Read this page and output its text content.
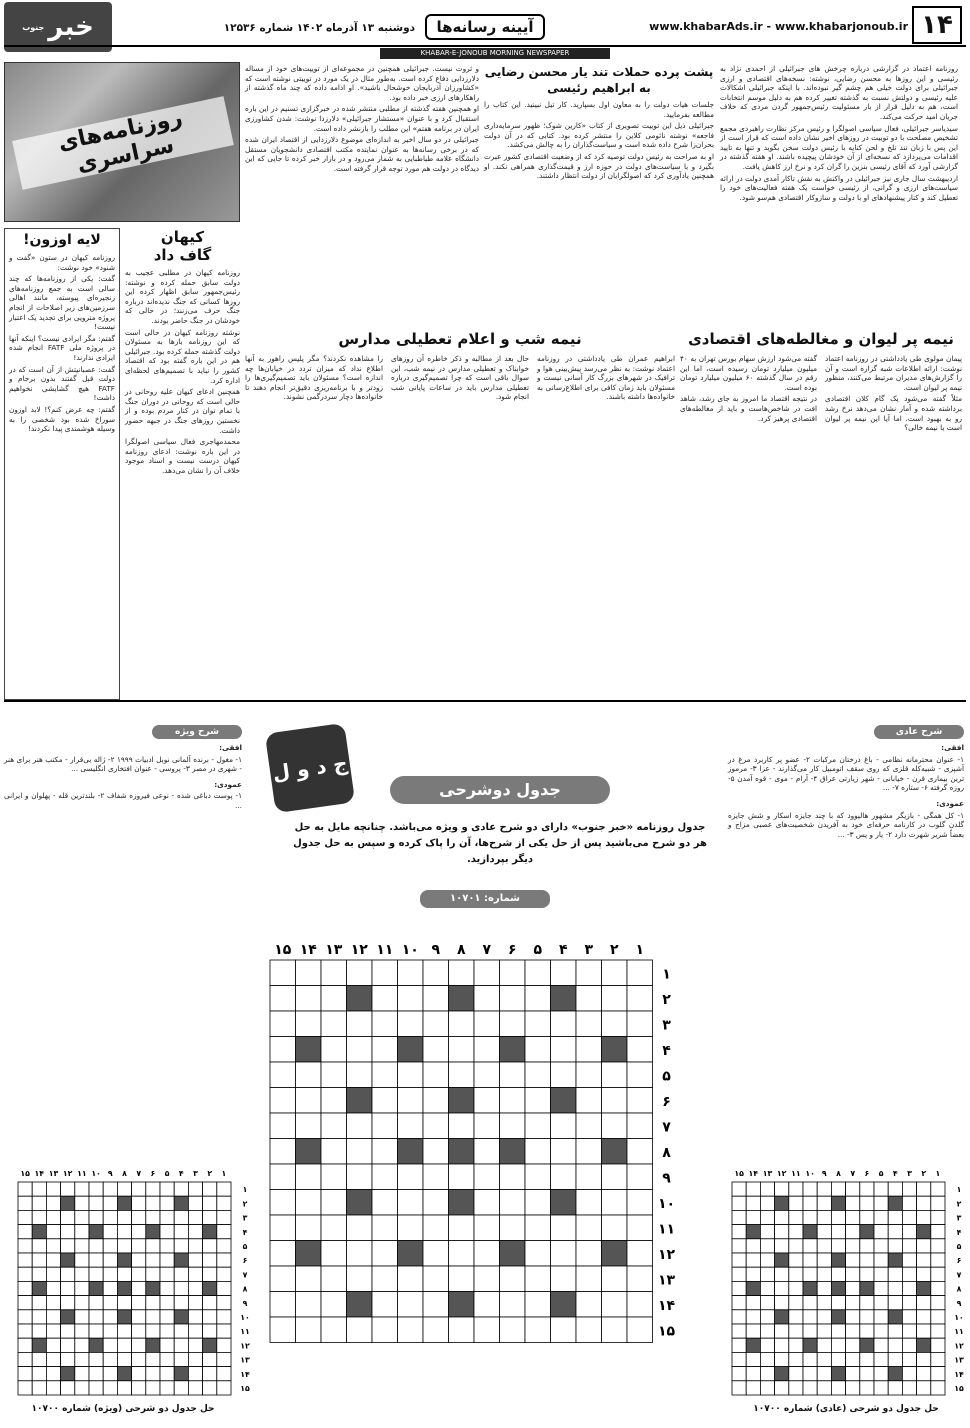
۱۴
www.khabarAds.ir - www.khabarjonoub.ir
آیینه رسانه‌ها
دوشنبه ۱۳ آذرماه ۱۴۰۲ شماره ۱۲۵۳۶
خبر
جنوب
KHABAR-E-JONOUB MORNING NEWSPAPER

روزنامه اعتماد در گزارشی درباره چرخش های جبرائیلی از احمدی نژاد به رئیسی و این روزها به محسن رضایی، نوشته: نسخه‌های اقتصادی و ارزی جبرائیلی برای دولت خیلی هم چشم گیر نبوده‌اند. با اینکه جبرائیلی اشکالات علیه رئیسی و دولتش نسبت به گذشته تغییر کرده هم به دلیل موسم انتخابات است، هم به دلیل قرار از بار مسئولیت رئیس‌جمهور گردن مردی که خلاف جریان امید حرکت می‌کند.

سیدیاسر جبرائیلی، فعال سیاسی اصولگرا و رئیس مرکز نظارت راهبردی مجمع تشخیص مصلحت با دو توییت در روزهای اخیر نشان داده است که قرار است از این پس با زبان تند تلخ و لحن کنایه با رئیس دولت سخن بگوید و تنها به تایید اقدامات می‌پردازد که نسخه‌ای از آن خودشان پیچیده باشند. او هفته گذشته در گزارشی آورد که آقای رئیسی بنزین را گران کرد و نرخ ارز کاهش یافت.

اردیبهشت سال جاری نیز جبرائیلی در واکنش به نقش تاکار آمدی دولت در ارائه سیاست‌های ارزی و گرانی، از رئیسی خواست یک هفته فعالیت‌های خود را تعطیل کند و کنار پیشنهادهای او با دولت و سازوکار اقتصادی هم‌سو شود.

پشت پرده حملات تند یار محسن رضایی
به ابراهیم رئیسی

جلسات هیات دولت را به معاون اول بسپارید. کار تیل نبینید. این کتاب را مطالعه بفرمایید.

جبرائیلی ذیل این توییت تصویری از کتاب «کارین شوک؛ ظهور سرمایه‌داری فاجعه» نوشته نائومی کلاین را منتشر کرده بود. کتابی که در آن دولت بحران‌زا شرح داده شده است و سیاست‌گذاران را به چالش می‌کشد.

او به صراحت به رئیس دولت توصیه کرد که از وضعیت اقتصادی کشور عبرت بگیرد و با سیاست‌های دولت در حوزه ارز و قیمت‌گذاری همراهی نکند. او همچنین یادآوری کرد که اصولگرایان از دولت انتظار داشتند.

و ثروت نیست. جبرائیلی همچنین در مجموعه‌ای از توییت‌های خود از مساله دلارزدایی دفاع کرده است. به‌طور مثال در یک مورد در توییتی نوشته است که «کشاورزان آذربایجان خوشحال باشید». او ادامه داده که چند ماه گذشته از راهکارهای ارزی خبر داده بود.

او همچنین هفته گذشته از مطلبی منتشر شده در خبرگزاری تسنیم در این باره استقبال کرد و با عنوان «مستشار جبرائیلی» دلارزدا نوشت: شدن کشاورزی ایران در برنامه هفتم» این مطلب را بازنشر داده است.

جبرائیلی در دو سال اخیر به اندازه‌ای موضوع دلارزدایی از اقتصاد ایران شده که در برخی رسانه‌ها به عنوان نماینده مکتب اقتصادی دانشجویان مستقل دانشگاه علامه طباطبایی به شمار می‌رود و در بازار خبر کرده تا جایی که این دیدگاه در دولت هم مورد توجه قرار گرفته است.

روزنامه‌های سراسری
کیهان
گاف داد

روزنامه کیهان در مطلبی عجیب به دولت سابق حمله کرده و نوشته: رئیس‌جمهور سابق اظهار کرده این روزها کسانی که جنگ ندیده‌اند درباره جنگ حرف می‌زنند؛ در حالی که خودشان در جنگ حاضر بودند.

نوشته روزنامه کیهان در حالی است که این روزنامه بارها به مسئولان دولت گذشته حمله کرده بود. جبرائیلی هم در این باره گفته بود که اقتصاد کشور را نباید با تصمیم‌های لحظه‌ای اداره کرد.

همچنین ادعای کیهان علیه روحانی در حالی است که روحانی در دوران جنگ با تمام توان در کنار مردم بوده و از نخستین روزهای جنگ در جبهه حضور داشت.

محمدمهاجری فعال سیاسی اصولگرا در این باره نوشت: ادعای روزنامه کیهان درست نیست و اسناد موجود خلاف آن را نشان می‌دهد.

لایه اوزون!

روزنامه کیهان در ستون «گفت و شنود» خود نوشت:

گفت: یکی از روزنامه‌ها که چند سالی است به جمع روزنامه‌های زنجیره‌ای پیوسته، مانند اهالی سرزمین‌های زیر اصلاحات از انجام پروژه مترویی برای تجدید یک اعتبار نیست!

گفتم: مگر ایرادی نیست؟ اینکه آنها در پروژه ملی FATF انجام شده ایرادی ندارند!

گفت: عصبانیتش از آن است که در دولت قبل گفتند بدون برجام و FATF هیچ گشایشی نخواهیم داشت!

گفتم: چه عرض کنم؟! لابد اوزون سوراخ شده بود شخصی را به وسیله هوشمندی پیدا نکردند!

نیمه پر لیوان و مغالطه‌های اقتصادی

پیمان مولوی طی یادداشتی در روزنامه اعتماد نوشت: ارائه اطلاعات شبه گزاره است و آن را گزارش‌های مدیران مرتبط می‌کنند، منظور نیمه پر لیوان است.

مثلاً گفته می‌شود یک گام کلان اقتصادی برداشته شده و آمار نشان می‌دهد نرخ رشد رو به بهبود است. اما آیا این نیمه پر لیوان است یا نیمه خالی؟

گفته می‌شود ارزش سهام بورس تهران به ۴۰ میلیون میلیارد تومان رسیده است، اما این رقم در سال گذشته ۶۰ میلیون میلیارد تومان بوده است.

در نتیجه اقتصاد ما امروز به جای رشد، شاهد افت در شاخص‌هاست و باید از مغالطه‌های اقتصادی پرهیز کرد.

نیمه شب و اعلام تعطیلی مدارس

ابراهیم عمران طی یادداشتی در روزنامه اعتماد نوشت: به نظر می‌رسد پیش‌بینی هوا و ترافیک در شهرهای بزرگ کار آسانی نیست و مسئولان باید زمان کافی برای اطلاع‌رسانی به خانواده‌ها داشته باشند.

حال بعد از مطالبه و ذکر خاطره آن روزهای خوابناک و تعطیلی مدارس در نیمه شب، این سوال باقی است که چرا تصمیم‌گیری درباره تعطیلی مدارس باید در ساعات پایانی شب انجام شود.

را مشاهده نکردند؟ مگر پلیس راهور به آنها اطلاع نداد که میزان تردد در خیابان‌ها چه اندازه است؟ مسئولان باید تصمیم‌گیری‌ها را زودتر و با برنامه‌ریزی دقیق‌تر انجام دهند تا خانواده‌ها دچار سردرگمی نشوند.

شرح عادی

افقی:

۱- عنوان محترمانه نظامی - باغ درختان مرکبات ۲- عضو پر کاربرد مرغ در آشپزی - شبیه‌کله قلزی که روی سقف اتومبیل کار می‌گذارند - عزا ۳- مرموز ترین بیماری قرن - خیابانی - شهر زیارتی عراق ۴- آرام - موی - قوه آمدن ۵- روزه گرفته ۶- ستاره ۷- ...

عمودی:

۱- کل همگی - بازیگر مشهور هالیوود که با چند جایزه اسکار و شش جایزه گلدن گلوب در کارنامه حرفه‌ای خود به آفریدن شخصیت‌های عصبی مزاج و بعضاً شریر شهرت دارد ۲- یار و پس ۳- ...

شرح ویژه

افقی:

۱- مغول - برنده آلمانی نوبل ادبیات ۱۹۹۹ ۲- ژاله بی‌قرار - مکتب هنر برای هنر - شهری در مصر ۳- پروسی - عنوان افتخاری انگلیسی ...

عمودی:

۱- پوست دباغی شده - نوعی فیروزه شفاف ۲- بلندترین قله - پهلوان و ایرانی ...

ج د و ل
جدول دوشرحی
جدول روزنامه «خبر جنوب» دارای دو شرح عادی و ویژه می‌باشد. چنانچه مایل به حل هر دو شرح می‌باشید پس از حل یکی از شرح‌ها، آن را پاک کرده و سپس به حل جدول دیگر بپردازید.
شماره: ۱۰۷۰۱
۱
۲
۳
۴
۵
۶
۷
۸
۹
۱۰
۱۱
۱۲
۱۳
۱۴
۱۵
۱
۲
۳
۴
۵
۶
۷
۸
۹
۱۰
۱۱
۱۲
۱۳
۱۴
۱۵
۱
۲
۳
۴
۵
۶
۷
۸
۹
۱۰
۱۱
۱۲
۱۳
۱۴
۱۵
۱
۲
۳
۴
۵
۶
۷
۸
۹
۱۰
۱۱
۱۲
۱۳
۱۴
۱۵
۱
۲
۳
۴
۵
۶
۷
۸
۹
۱۰
۱۱
۱۲
۱۳
۱۴
۱۵
۱
۲
۳
۴
۵
۶
۷
۸
۹
۱۰
۱۱
۱۲
۱۳
۱۴
۱۵
حل جدول دو شرحی (ویژه) شماره ۱۰۷۰۰	حل جدول دو شرحی (عادی) شماره ۱۰۷۰۰
